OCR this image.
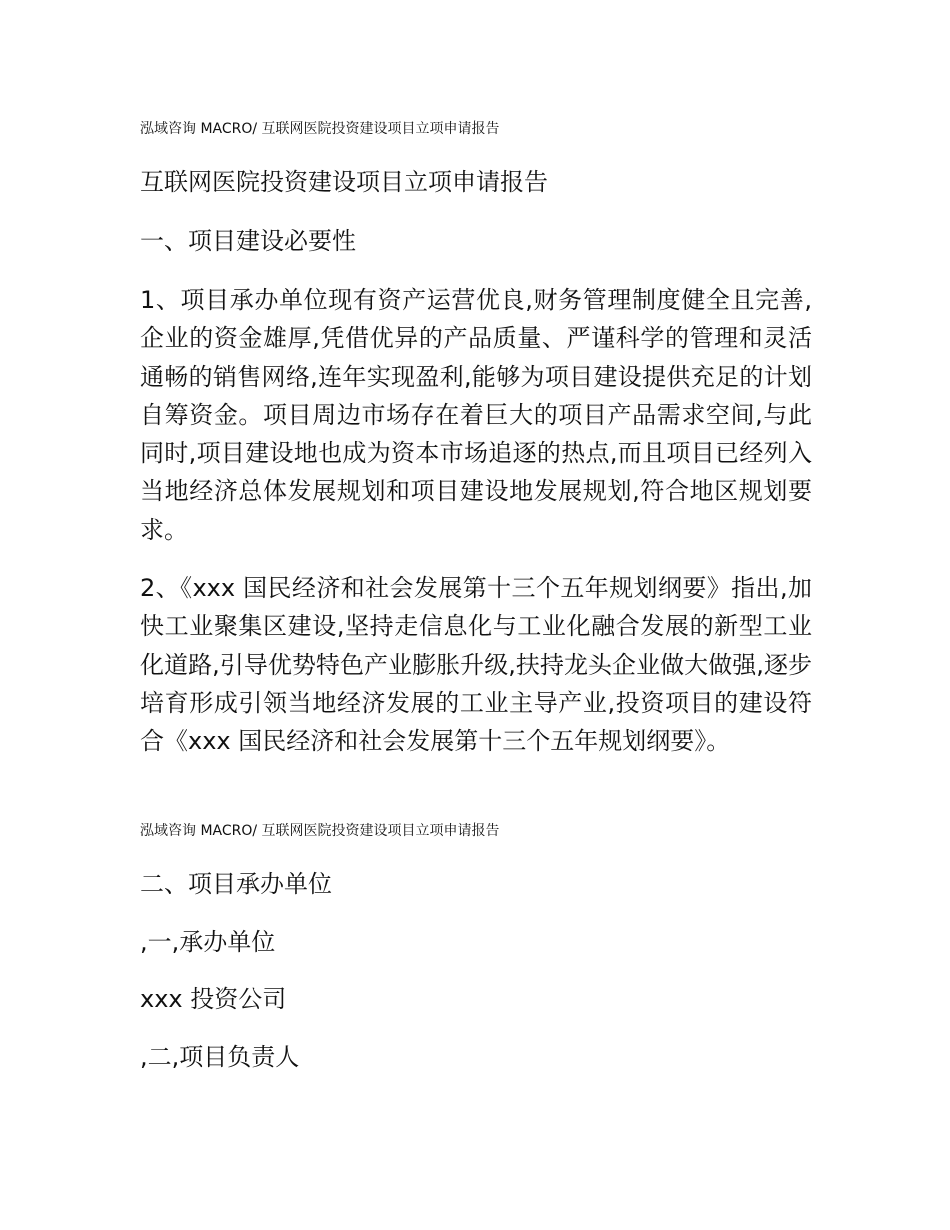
泓域咨询 MACRO/ 互联网医院投资建设项目立项申请报告
互联网医院投资建设项目立项申请报告
一、项目建设必要性
1、项目承办单位现有资产运营优良,财务管理制度健全且完善,企业的资金雄厚,凭借优异的产品质量、严谨科学的管理和灵活通畅的销售网络,连年实现盈利,能够为项目建设提供充足的计划自筹资金。项目周边市场存在着巨大的项目产品需求空间,与此同时,项目建设地也成为资本市场追逐的热点,而且项目已经列入当地经济总体发展规划和项目建设地发展规划,符合地区规划要求。
2、《xxx 国民经济和社会发展第十三个五年规划纲要》指出,加快工业聚集区建设,坚持走信息化与工业化融合发展的新型工业化道路,引导优势特色产业膨胀升级,扶持龙头企业做大做强,逐步培育形成引领当地经济发展的工业主导产业,投资项目的建设符合《xxx 国民经济和社会发展第十三个五年规划纲要》。
泓域咨询 MACRO/ 互联网医院投资建设项目立项申请报告
二、项目承办单位
,一,承办单位
xxx 投资公司
,二,项目负责人
